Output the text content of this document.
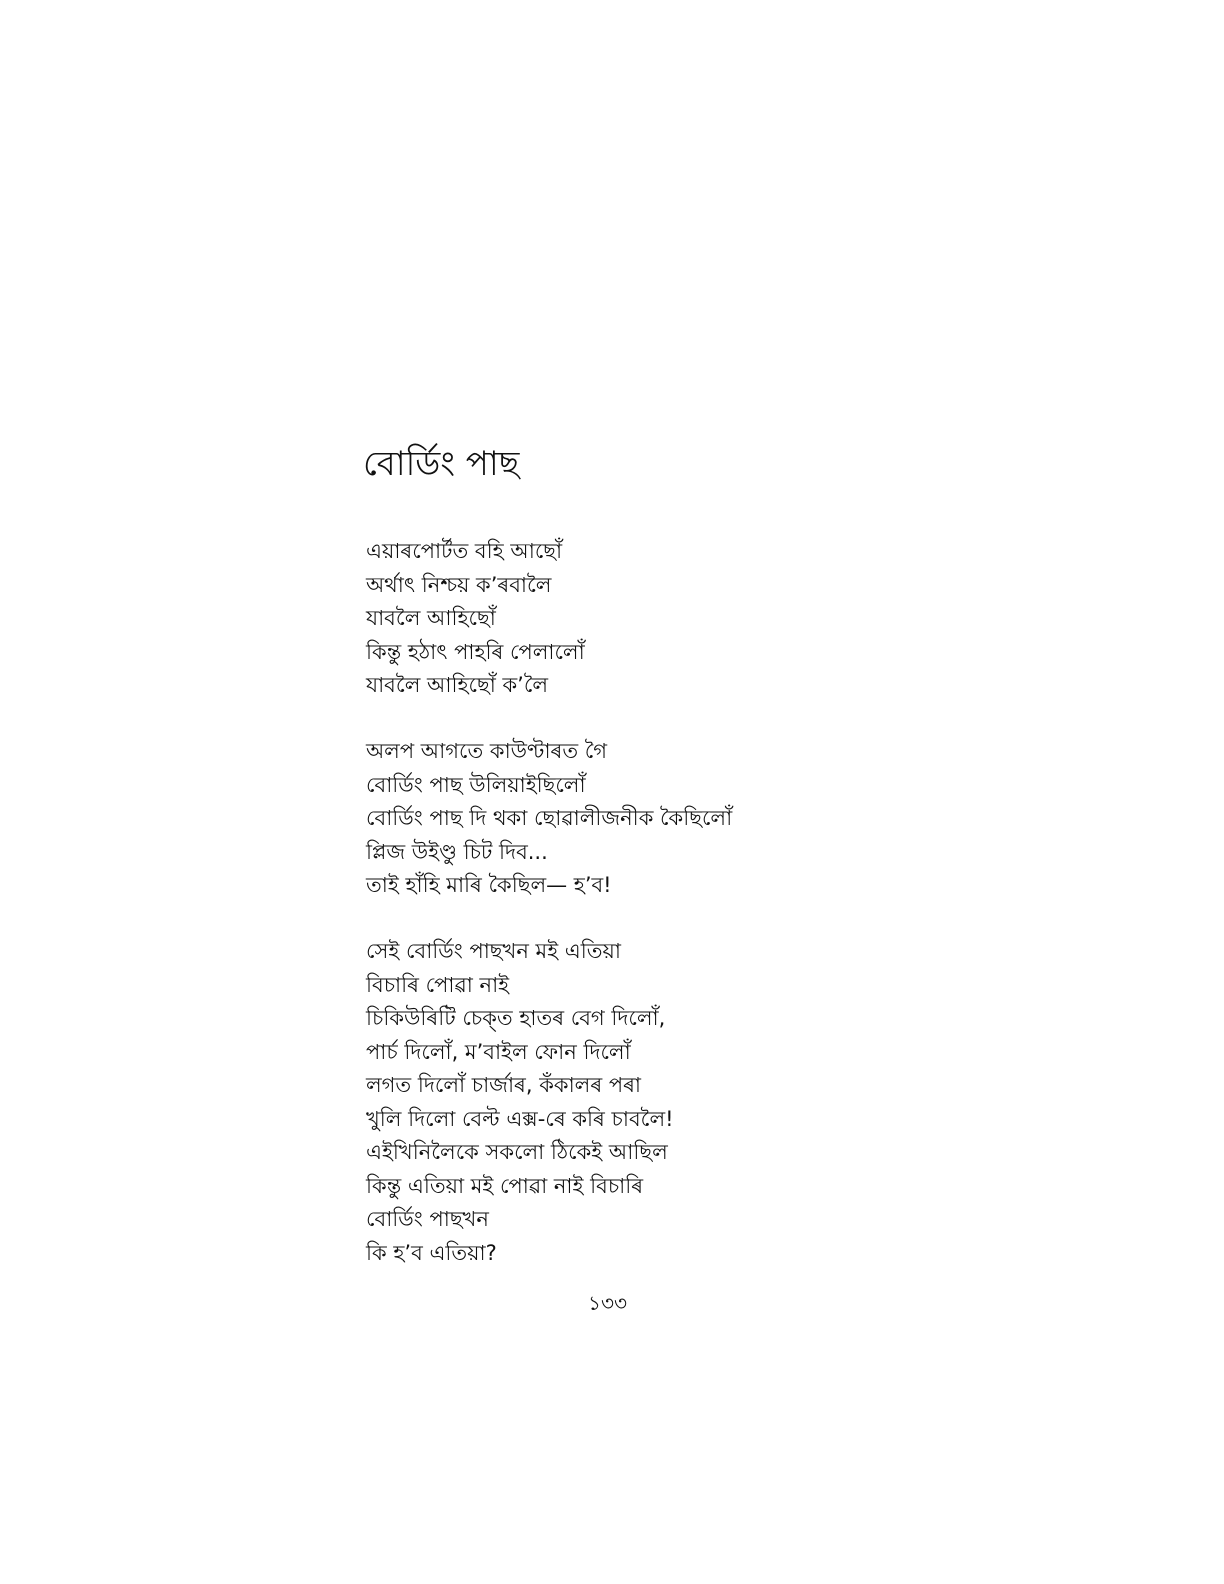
বোৰ্ডিং পাছ
এয়াৰপোৰ্টত বহি আছোঁ
অৰ্থাৎ নিশ্চয় ক’ৰবালৈ
যাবলৈ আহিছোঁ
কিন্তু হঠাৎ পাহৰি পেলালোঁ
যাবলৈ আহিছোঁ ক’লৈ
অলপ আগতে কাউণ্টাৰত গৈ
বোৰ্ডিং পাছ উলিয়াইছিলোঁ
বোৰ্ডিং পাছ দি থকা ছোৱালীজনীক কৈছিলোঁ
প্লিজ উইণ্ডু চিট দিব...
তাই হাঁহি মাৰি কৈছিল— হ’ব!
সেই বোৰ্ডিং পাছখন মই এতিয়া
বিচাৰি পোৱা নাই
চিকিউৰিটি চেক্‌ত হাতৰ বেগ দিলোঁ,
পাৰ্চ দিলোঁ, ম’বাইল ফোন দিলোঁ
লগত দিলোঁ চাৰ্জাৰ, কঁকালৰ পৰা
খুলি দিলো বেল্ট এক্স-ৰে কৰি চাবলৈ!
এইখিনিলৈকে সকলো ঠিকেই আছিল
কিন্তু এতিয়া মই পোৱা নাই বিচাৰি
বোৰ্ডিং পাছখন
কি হ’ব এতিয়া?
১৩৩
